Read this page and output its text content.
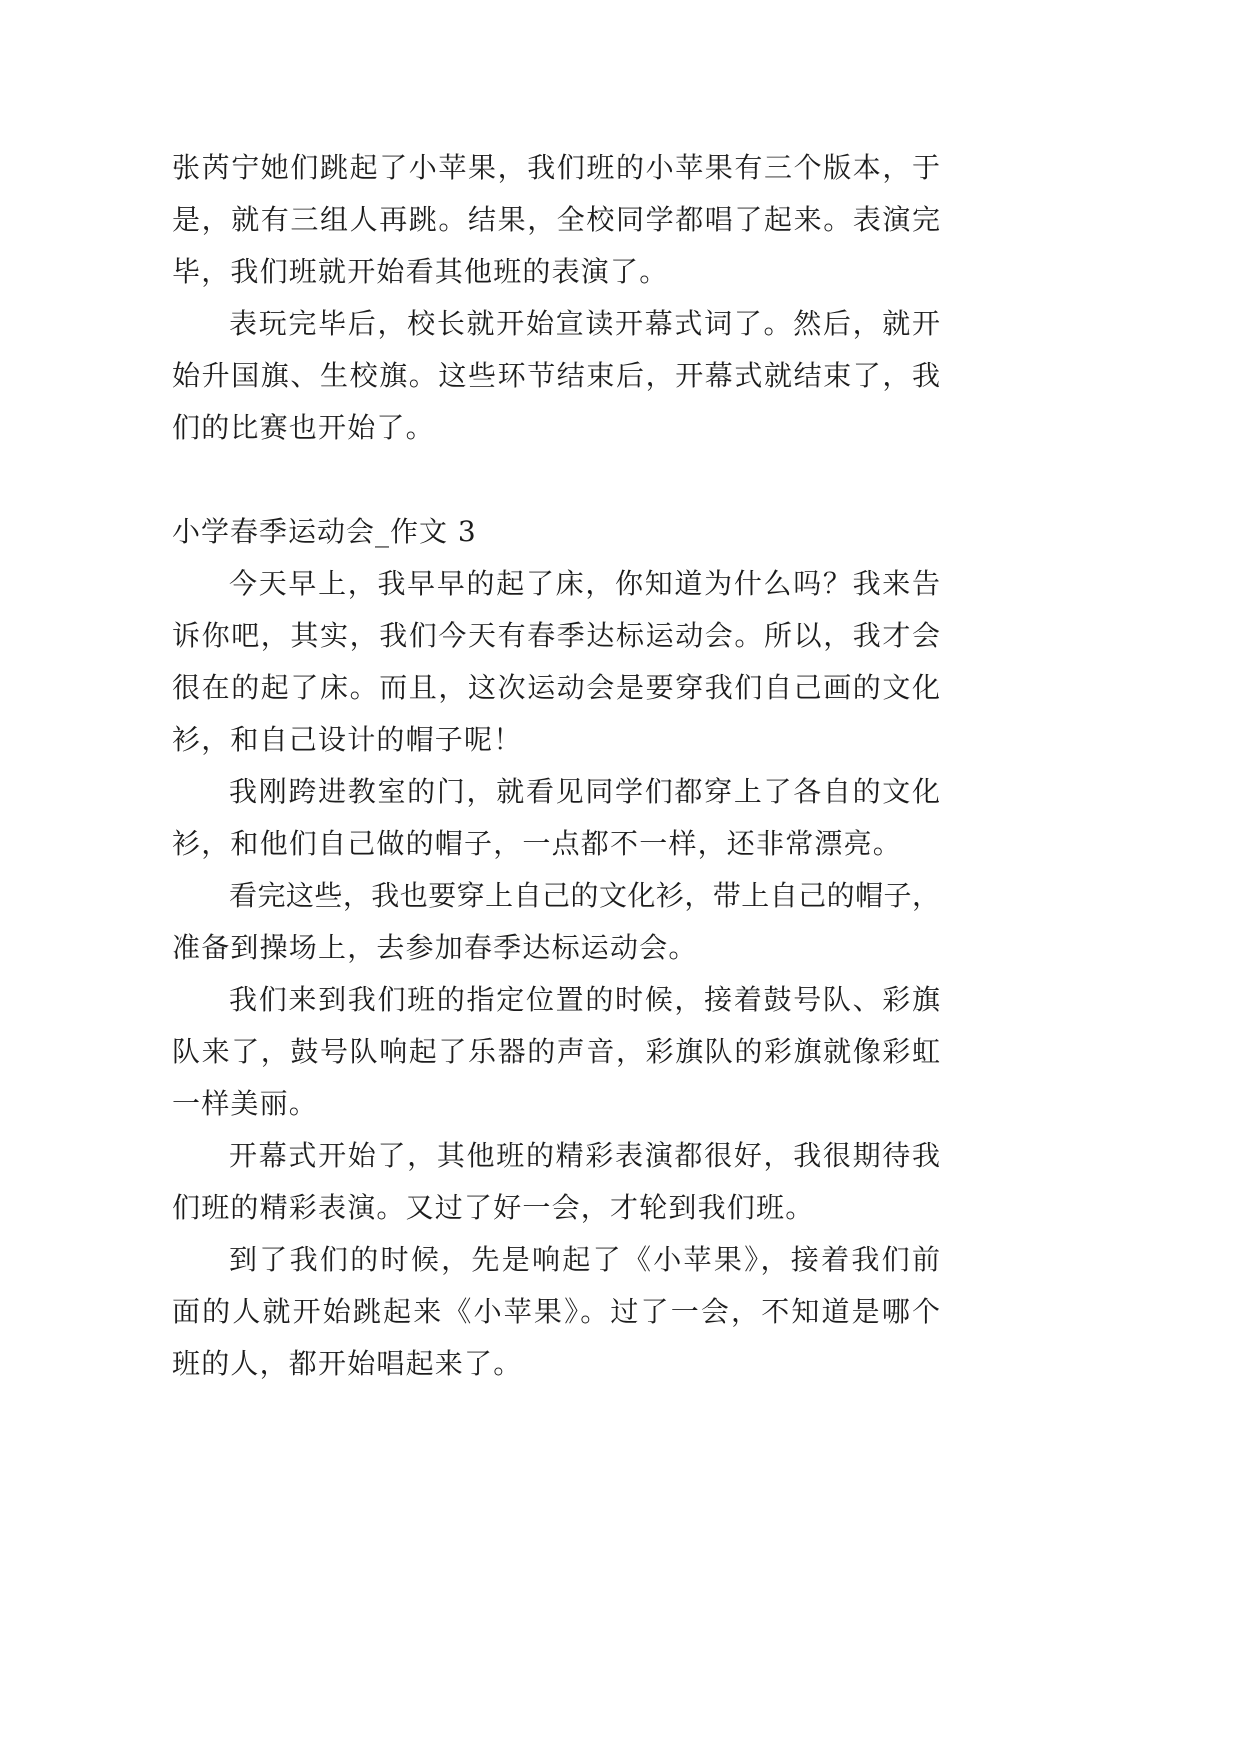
张芮宁她们跳起了小苹果，我们班的小苹果有三个版本，于
是，就有三组人再跳。结果，全校同学都唱了起来。表演完
毕，我们班就开始看其他班的表演了。
表玩完毕后，校长就开始宣读开幕式词了。然后，就开
始升国旗、生校旗。这些环节结束后，开幕式就结束了，我
们的比赛也开始了。
小学春季运动会_作文 3
今天早上，我早早的起了床，你知道为什么吗？我来告
诉你吧，其实，我们今天有春季达标运动会。所以，我才会
很在的起了床。而且，这次运动会是要穿我们自己画的文化
衫，和自己设计的帽子呢！
我刚跨进教室的门，就看见同学们都穿上了各自的文化
衫，和他们自己做的帽子，一点都不一样，还非常漂亮。
看完这些，我也要穿上自己的文化衫，带上自己的帽子，
准备到操场上，去参加春季达标运动会。
我们来到我们班的指定位置的时候，接着鼓号队、彩旗
队来了，鼓号队响起了乐器的声音，彩旗队的彩旗就像彩虹
一样美丽。
开幕式开始了，其他班的精彩表演都很好，我很期待我
们班的精彩表演。又过了好一会，才轮到我们班。
到了我们的时候，先是响起了《小苹果》，接着我们前
面的人就开始跳起来《小苹果》。过了一会，不知道是哪个
班的人，都开始唱起来了。
